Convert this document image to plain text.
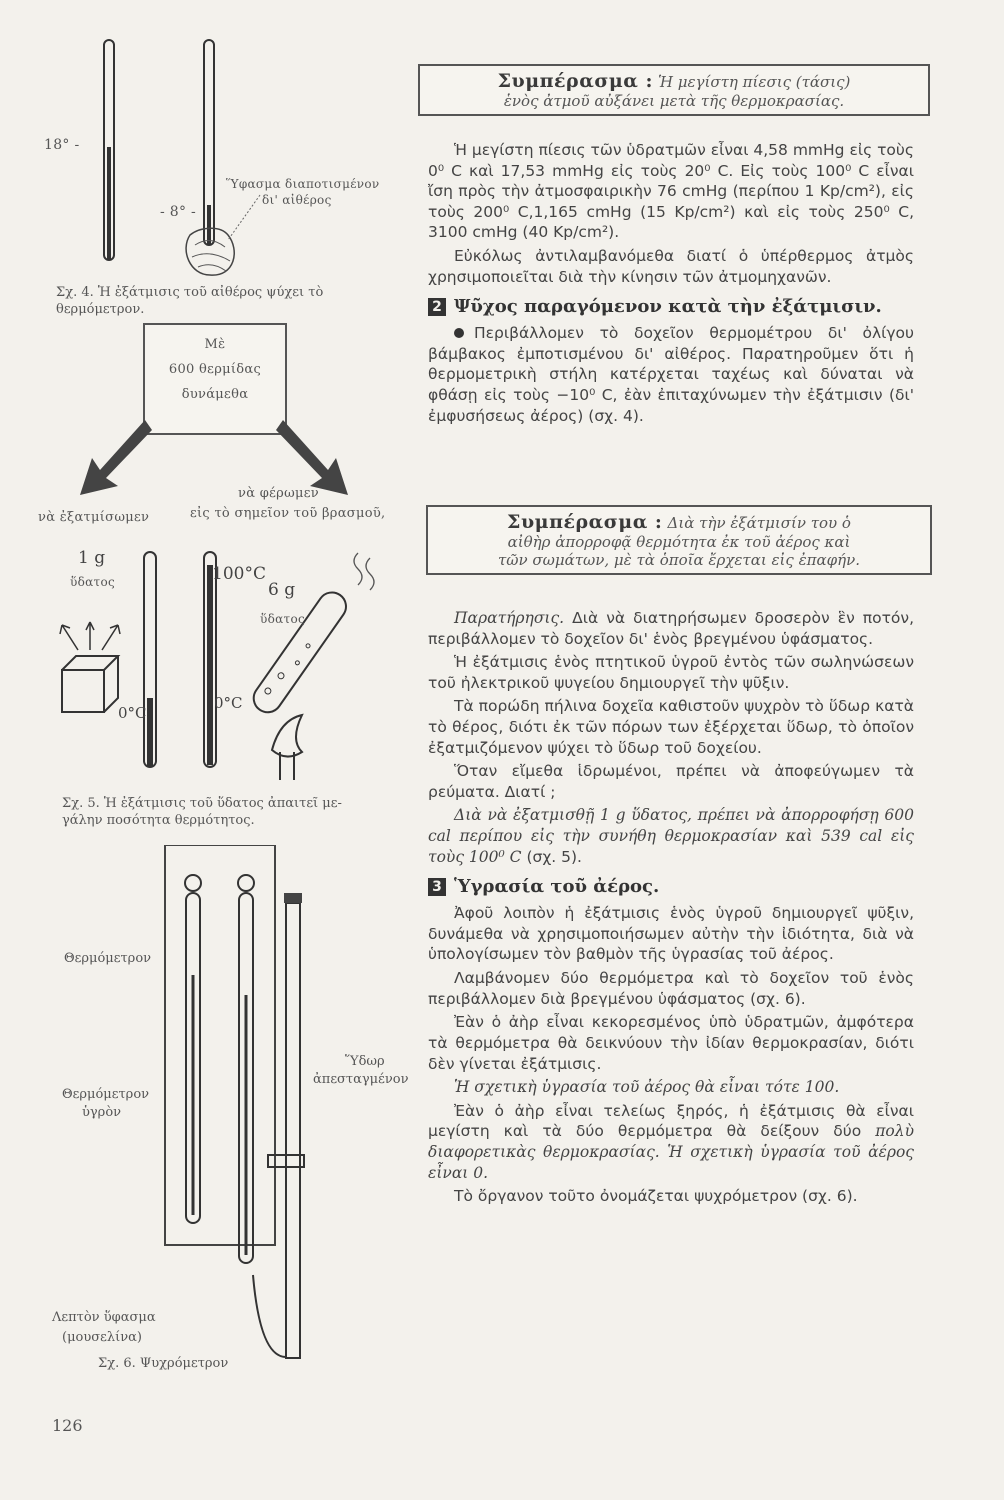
18° -
- 8° -
Ὕφασμα διαποτισμένον
δι' αἰθέρος
Σχ. 4. Ἡ ἐξάτμισις τοῦ αἰθέρος ψύχει τὸ
θερμόμετρον.
Μὲ
600 θερμίδας
δυνάμεθα
νὰ ἐξατμίσωμεν
νὰ φέρωμεν
εἰς τὸ σημεῖον τοῦ βρασμοῦ,
1 g
ὕδατος	100°C
6 g
ὕδατος
0°C
0°C
Σχ. 5. Ἡ ἐξάτμισις τοῦ ὕδατος ἀπαιτεῖ με-
γάλην ποσότητα θερμότητος.
Θερμόμετρον
Θερμόμετρον
ὑγρὸν
Ὕδωρ
ἀπεσταγμένον
Λεπτὸν ὕφασμα
(μουσελίνα)
Σχ. 6. Ψυχρόμετρον
126
Συμπέρασμα : Ἡ μεγίστη πίεσις (τάσις)
ἑνὸς ἀτμοῦ αὐξάνει μετὰ τῆς θερμοκρασίας.

Ἡ μεγίστη πίεσις τῶν ὑδρατμῶν εἶναι 4,58 mmHg εἰς τοὺς 0⁰ C καὶ 17,53 mmHg εἰς τοὺς 20⁰ C. Εἰς τοὺς 100⁰ C εἶναι ἴση πρὸς τὴν ἀτμοσφαιρικὴν 76 cmHg (περίπου 1 Kp/cm²), εἰς τοὺς 200⁰ C,1,165 cmHg (15 Kp/cm²) καὶ εἰς τοὺς 250⁰ C, 3100 cmHg (40 Kp/cm²).

Εὐκόλως ἀντιλαμβανόμεθα διατί ὁ ὑπέρθερμος ἀτμὸς χρησιμοποιεῖται διὰ τὴν κίνησιν τῶν ἀτμομηχανῶν.

2 Ψῦχος παραγόμενον κατὰ τὴν ἐξάτμισιν.

Περιβάλλομεν τὸ δοχεῖον θερμομέτρου δι' ὀλίγου βάμβακος ἐμποτισμένου δι' αἰθέρος. Παρατηροῦμεν ὅτι ἡ θερμομετρικὴ στήλη κατέρχεται ταχέως καὶ δύναται νὰ φθάσῃ εἰς τοὺς −10⁰ C, ἐὰν ἐπιταχύνωμεν τὴν ἐξάτμισιν (δι' ἐμφυσήσεως ἀέρος) (σχ. 4).

Συμπέρασμα : Διὰ τὴν ἐξάτμισίν του ὁ
αἰθὴρ ἀπορροφᾷ θερμότητα ἐκ τοῦ ἀέρος καὶ
τῶν σωμάτων, μὲ τὰ ὁποῖα ἔρχεται εἰς ἐπαφήν.

Παρατήρησις. Διὰ νὰ διατηρήσωμεν δροσερὸν ἓν ποτόν, περιβάλλομεν τὸ δοχεῖον δι' ἑνὸς βρεγμένου ὑφάσματος.

Ἡ ἐξάτμισις ἑνὸς πτητικοῦ ὑγροῦ ἐντὸς τῶν σωληνώσεων τοῦ ἠλεκτρικοῦ ψυγείου δημιουργεῖ τὴν ψῦξιν.

Τὰ πορώδη πήλινα δοχεῖα καθιστοῦν ψυχρὸν τὸ ὕδωρ κατὰ τὸ θέρος, διότι ἐκ τῶν πόρων των ἐξέρχεται ὕδωρ, τὸ ὁποῖον ἐξατμιζόμενον ψύχει τὸ ὕδωρ τοῦ δοχείου.

Ὅταν εἴμεθα ἱδρωμένοι, πρέπει νὰ ἀποφεύγωμεν τὰ ρεύματα. Διατί ;

Διὰ νὰ ἐξατμισθῇ 1 g ὕδατος, πρέπει νὰ ἀπορροφήσῃ 600 cal περίπου εἰς τὴν συνήθη θερμοκρασίαν καὶ 539 cal εἰς τοὺς 100⁰ C (σχ. 5).

3 Ὑγρασία τοῦ ἀέρος.

Ἀφοῦ λοιπὸν ἡ ἐξάτμισις ἑνὸς ὑγροῦ δημιουργεῖ ψῦξιν, δυνάμεθα νὰ χρησιμοποιήσωμεν αὐτὴν τὴν ἰδιότητα, διὰ νὰ ὑπολογίσωμεν τὸν βαθμὸν τῆς ὑγρασίας τοῦ ἀέρος.

Λαμβάνομεν δύο θερμόμετρα καὶ τὸ δοχεῖον τοῦ ἑνὸς περιβάλλομεν διὰ βρεγμένου ὑφάσματος (σχ. 6).

Ἐὰν ὁ ἀὴρ εἶναι κεκορεσμένος ὑπὸ ὑδρατμῶν, ἀμφότερα τὰ θερμόμετρα θὰ δεικνύουν τὴν ἰδίαν θερμοκρασίαν, διότι δὲν γίνεται ἐξάτμισις.

Ἡ σχετικὴ ὑγρασία τοῦ ἀέρος θὰ εἶναι τότε 100.

Ἐὰν ὁ ἀὴρ εἶναι τελείως ξηρός, ἡ ἐξάτμισις θὰ εἶναι μεγίστη καὶ τὰ δύο θερμόμετρα θὰ δείξουν δύο πολὺ διαφορετικὰς θερμοκρασίας. Ἡ σχετικὴ ὑγρασία τοῦ ἀέρος εἶναι 0.

Τὸ ὄργανον τοῦτο ὀνομάζεται ψυχρόμετρον (σχ. 6).
